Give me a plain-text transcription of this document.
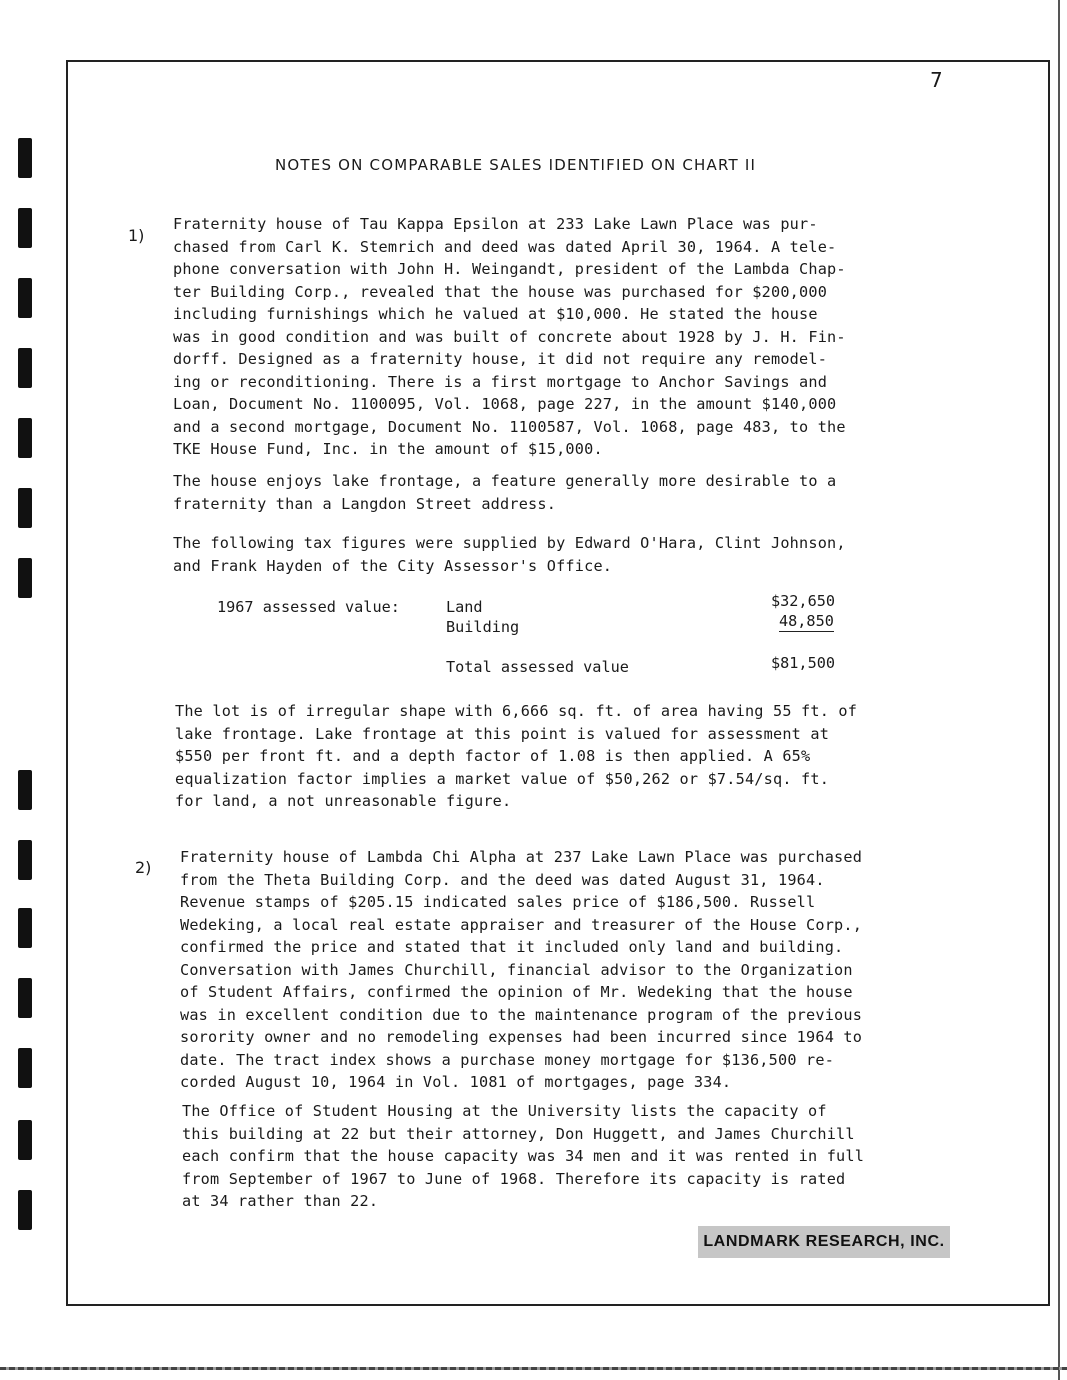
7
NOTES ON COMPARABLE SALES IDENTIFIED ON CHART II
1)
Fraternity house of Tau Kappa Epsilon at 233 Lake Lawn Place was pur-
chased from Carl K. Stemrich and deed was dated April 30, 1964. A tele-
phone conversation with John H. Weingandt, president of the Lambda Chap-
ter Building Corp., revealed that the house was purchased for $200,000
including furnishings which he valued at $10,000. He stated the house
was in good condition and was built of concrete about 1928 by J. H. Fin-
dorff. Designed as a fraternity house, it did not require any remodel-
ing or reconditioning. There is a first mortgage to Anchor Savings and
Loan, Document No. 1100095, Vol. 1068, page 227, in the amount $140,000
and a second mortgage, Document No. 1100587, Vol. 1068, page 483, to the
TKE House Fund, Inc. in the amount of $15,000.
The house enjoys lake frontage, a feature generally more desirable to a
fraternity than a Langdon Street address.
The following tax figures were supplied by Edward O'Hara, Clint Johnson,
and Frank Hayden of the City Assessor's Office.
1967 assessed value:	Land	$32,650
Building	48,850
Total assessed value	$81,500
The lot is of irregular shape with 6,666 sq. ft. of area having 55 ft. of
lake frontage. Lake frontage at this point is valued for assessment at
$550 per front ft. and a depth factor of 1.08 is then applied. A 65%
equalization factor implies a market value of $50,262 or $7.54/sq. ft.
for land, a not unreasonable figure.
2)
Fraternity house of Lambda Chi Alpha at 237 Lake Lawn Place was purchased
from the Theta Building Corp. and the deed was dated August 31, 1964.
Revenue stamps of $205.15 indicated sales price of $186,500. Russell
Wedeking, a local real estate appraiser and treasurer of the House Corp.,
confirmed the price and stated that it included only land and building.
Conversation with James Churchill, financial advisor to the Organization
of Student Affairs, confirmed the opinion of Mr. Wedeking that the house
was in excellent condition due to the maintenance program of the previous
sorority owner and no remodeling expenses had been incurred since 1964 to
date. The tract index shows a purchase money mortgage for $136,500 re-
corded August 10, 1964 in Vol. 1081 of mortgages, page 334.
The Office of Student Housing at the University lists the capacity of
this building at 22 but their attorney, Don Huggett, and James Churchill
each confirm that the house capacity was 34 men and it was rented in full
from September of 1967 to June of 1968. Therefore its capacity is rated
at 34 rather than 22.
LANDMARK RESEARCH, INC.
